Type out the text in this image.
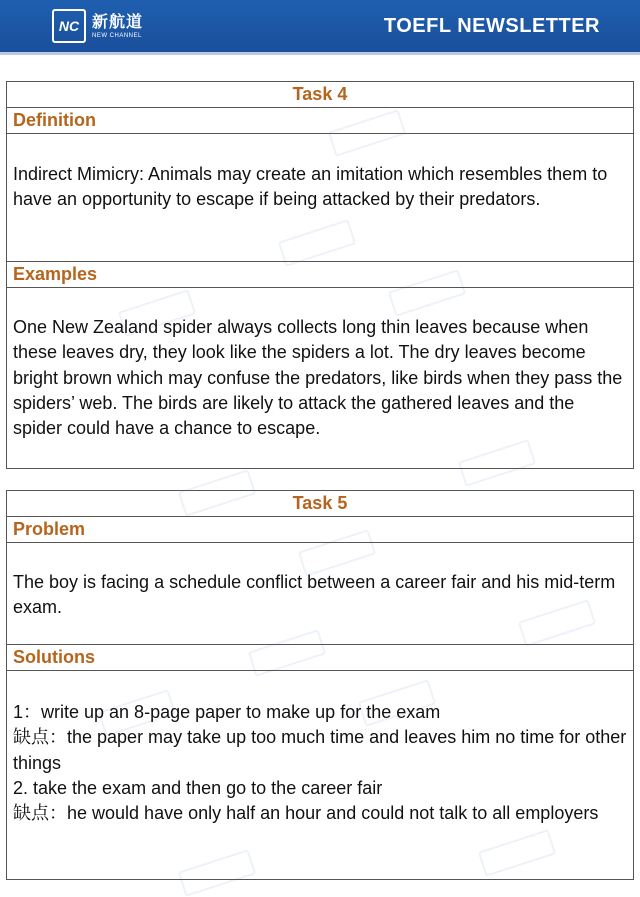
NC 新航道
NEW CHANNEL	TOEFL NEWSLETTER
Task 4
Definition
Indirect Mimicry: Animals may create an imitation which resembles them to have an opportunity to escape if being attacked by their predators.
Examples
One New Zealand spider always collects long thin leaves because when these leaves dry, they look like the spiders a lot. The dry leaves become bright brown which may confuse the predators, like birds when they pass the spiders’ web. The birds are likely to attack the gathered leaves and the spider could have a chance to escape.
Task 5
Problem
The boy is facing a schedule conflict between a career fair and his mid-term exam.
Solutions
1：write up an 8-page paper to make up for the exam
缺点：the paper may take up too much time and leaves him no time for other things
2. take the exam and then go to the career fair
缺点：he would have only half an hour and could not talk to all employers
